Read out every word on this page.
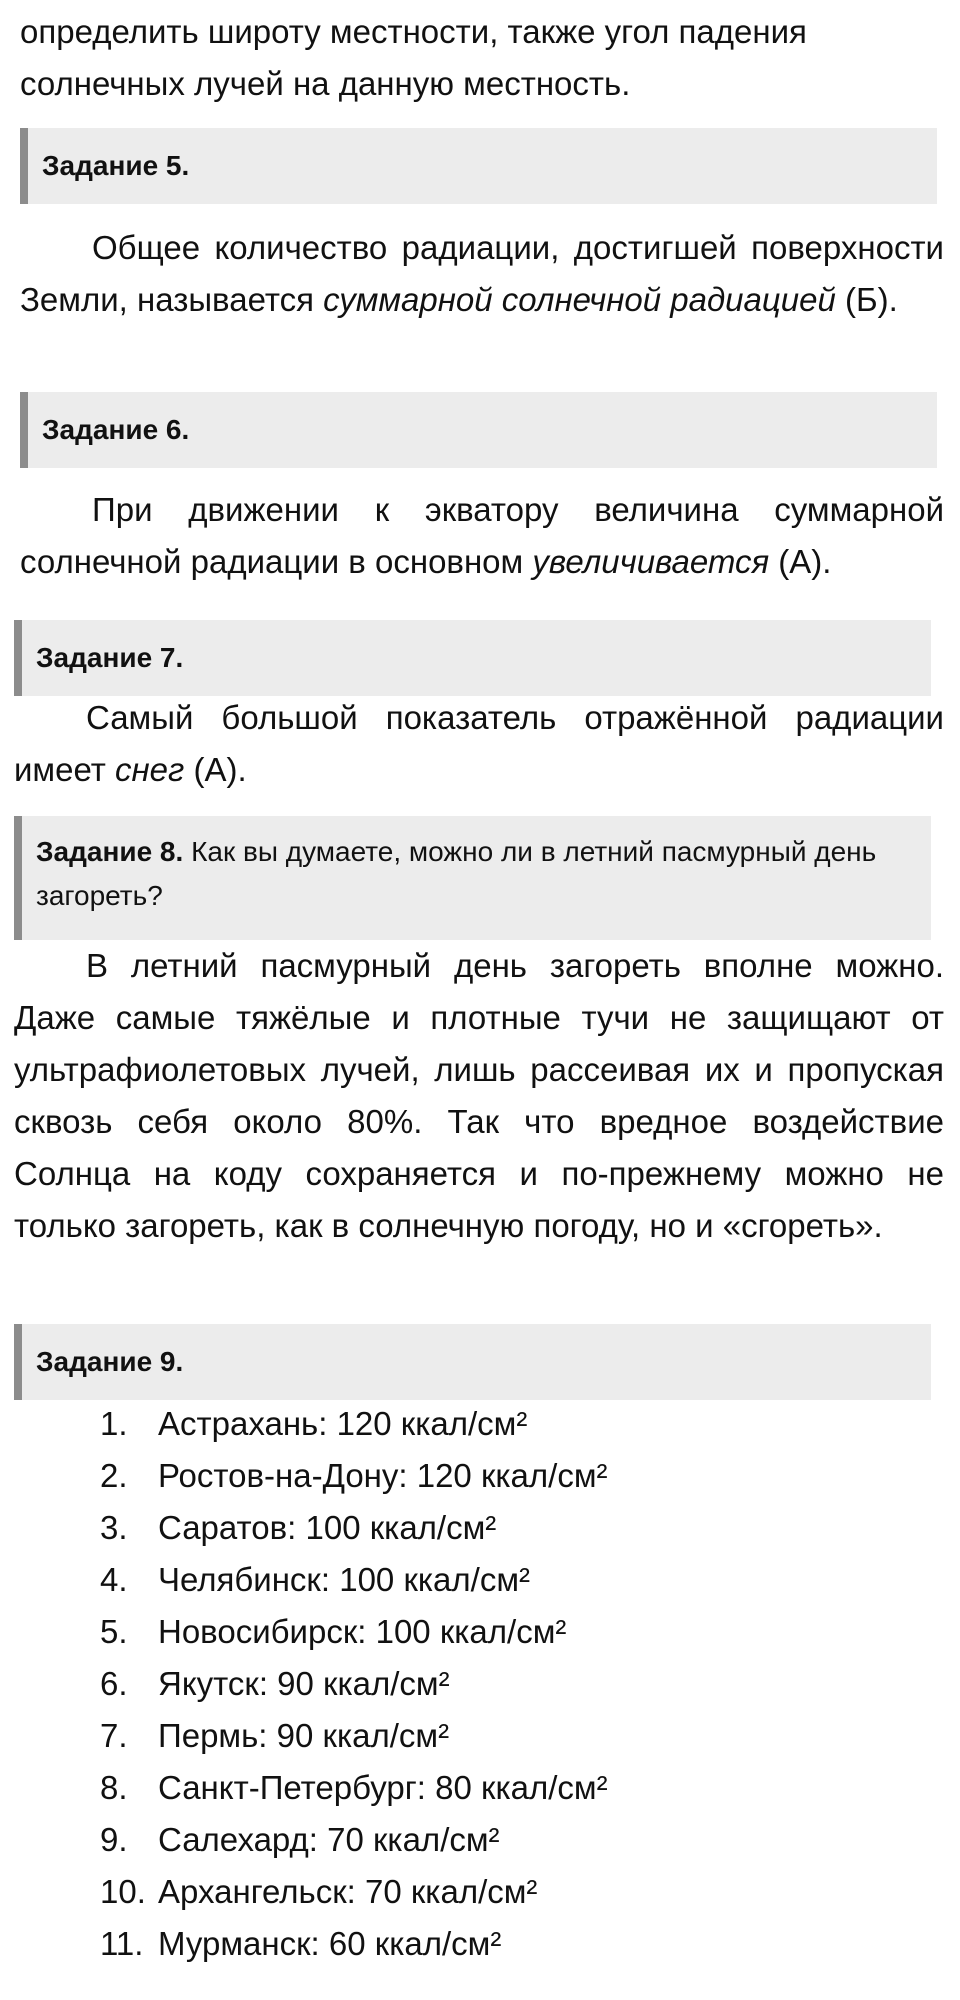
определить широту местности, также угол падения
солнечных лучей на данную местность.

Задание 5.

Общее количество радиации, достигшей поверхности Земли, называется суммарной солнечной радиацией (Б).

Задание 6.

При движении к экватору величина суммарной солнечной радиации в основном увеличивается (А).

Задание 7.

Самый большой показатель отражённой радиации имеет снег (А).

Задание 8. Как вы думаете, можно ли в летний пасмурный день загореть?

В летний пасмурный день загореть вполне можно. Даже самые тяжёлые и плотные тучи не защищают от ультрафиолетовых лучей, лишь рассеивая их и пропуская сквозь себя около 80%. Так что вредное воздействие Солнца на коду сохраняется и по-прежнему можно не только загореть, как в солнечную погоду, но и «сгореть».

Задание 9.
1. Астрахань: 120 ккал/см²
2. Ростов-на-Дону: 120 ккал/см²
3. Саратов: 100 ккал/см²
4. Челябинск: 100 ккал/см²
5. Новосибирск: 100 ккал/см²
6. Якутск: 90 ккал/см²
7. Пермь: 90 ккал/см²
8. Санкт-Петербург: 80 ккал/см²
9. Салехард: 70 ккал/см²
10. Архангельск: 70 ккал/см²
11. Мурманск: 60 ккал/см²
